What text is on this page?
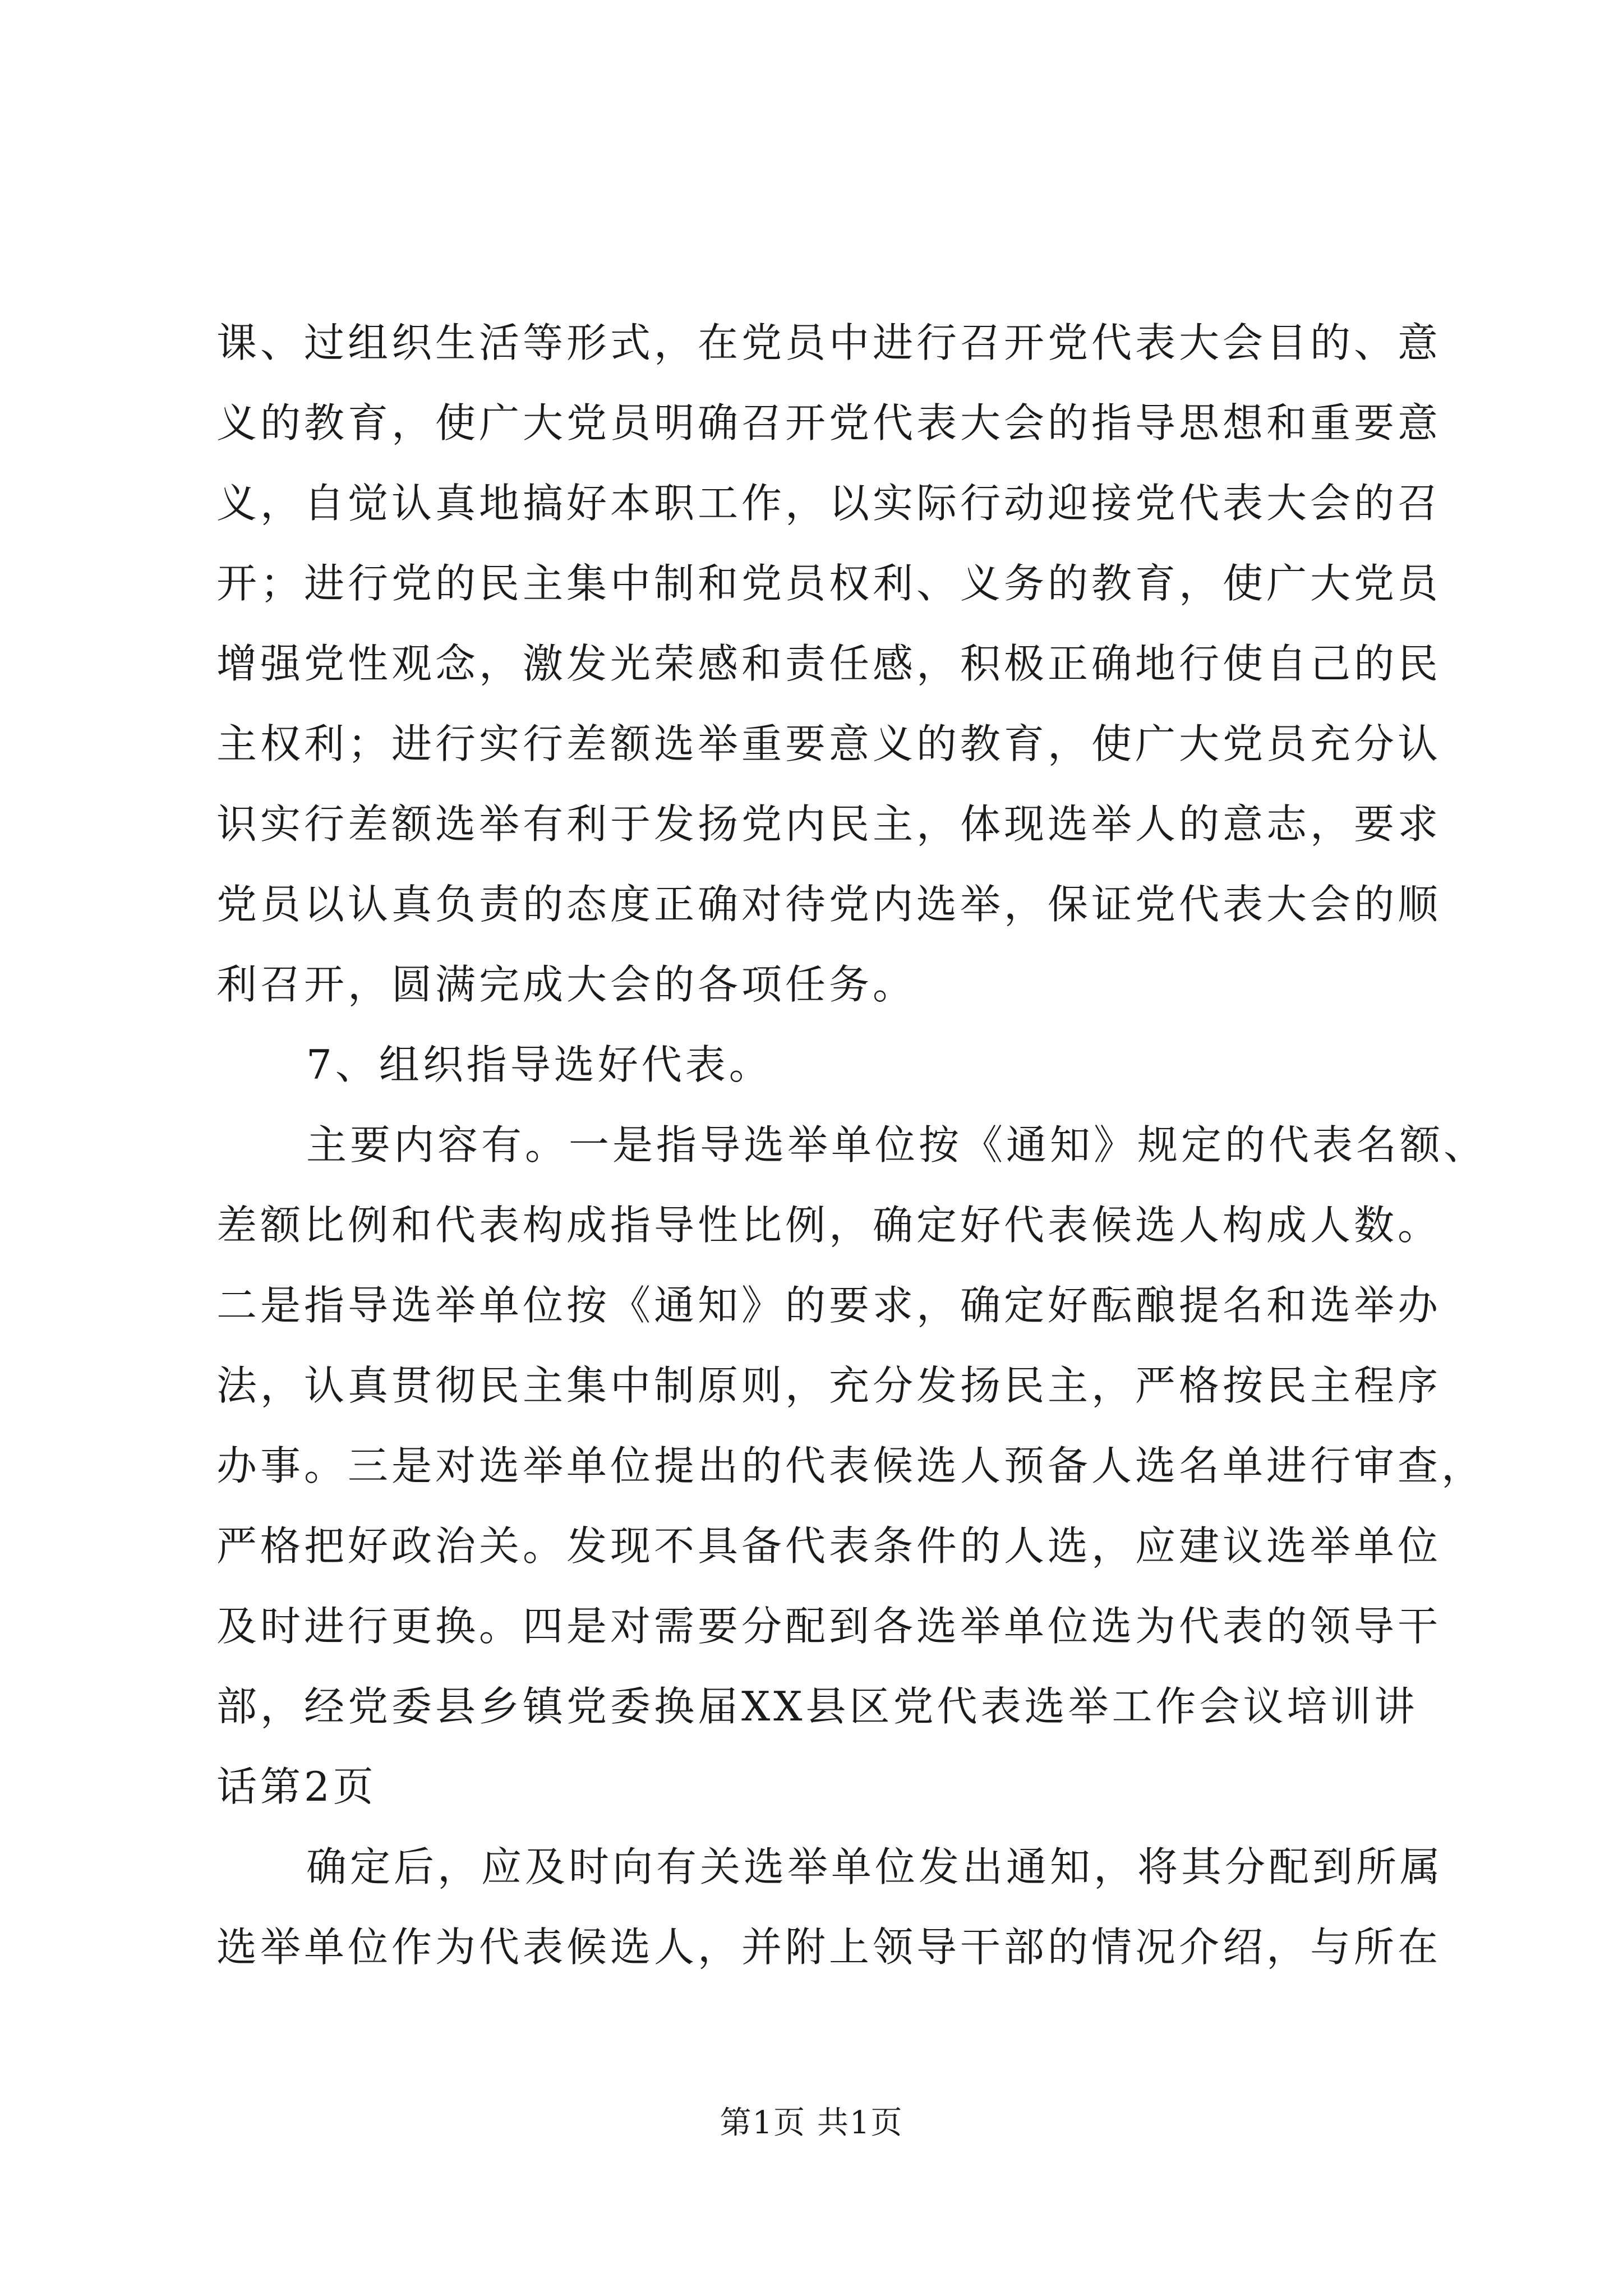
课、过组织生活等形式，在党员中进行召开党代表大会目的、意
义的教育，使广大党员明确召开党代表大会的指导思想和重要意
义，自觉认真地搞好本职工作，以实际行动迎接党代表大会的召
开；进行党的民主集中制和党员权利、义务的教育，使广大党员
增强党性观念，激发光荣感和责任感，积极正确地行使自己的民
主权利；进行实行差额选举重要意义的教育，使广大党员充分认
识实行差额选举有利于发扬党内民主，体现选举人的意志，要求
党员以认真负责的态度正确对待党内选举，保证党代表大会的顺
利召开，圆满完成大会的各项任务。
7、组织指导选好代表。
主要内容有。一是指导选举单位按《通知》规定的代表名额、
差额比例和代表构成指导性比例，确定好代表候选人构成人数。
二是指导选举单位按《通知》的要求，确定好酝酿提名和选举办
法，认真贯彻民主集中制原则，充分发扬民主，严格按民主程序
办事。三是对选举单位提出的代表候选人预备人选名单进行审查，
严格把好政治关。发现不具备代表条件的人选，应建议选举单位
及时进行更换。四是对需要分配到各选举单位选为代表的领导干
部，经党委县乡镇党委换届XX县区党代表选举工作会议培训讲
话第2页
确定后，应及时向有关选举单位发出通知，将其分配到所属
选举单位作为代表候选人，并附上领导干部的情况介绍，与所在
第1页 共1页
